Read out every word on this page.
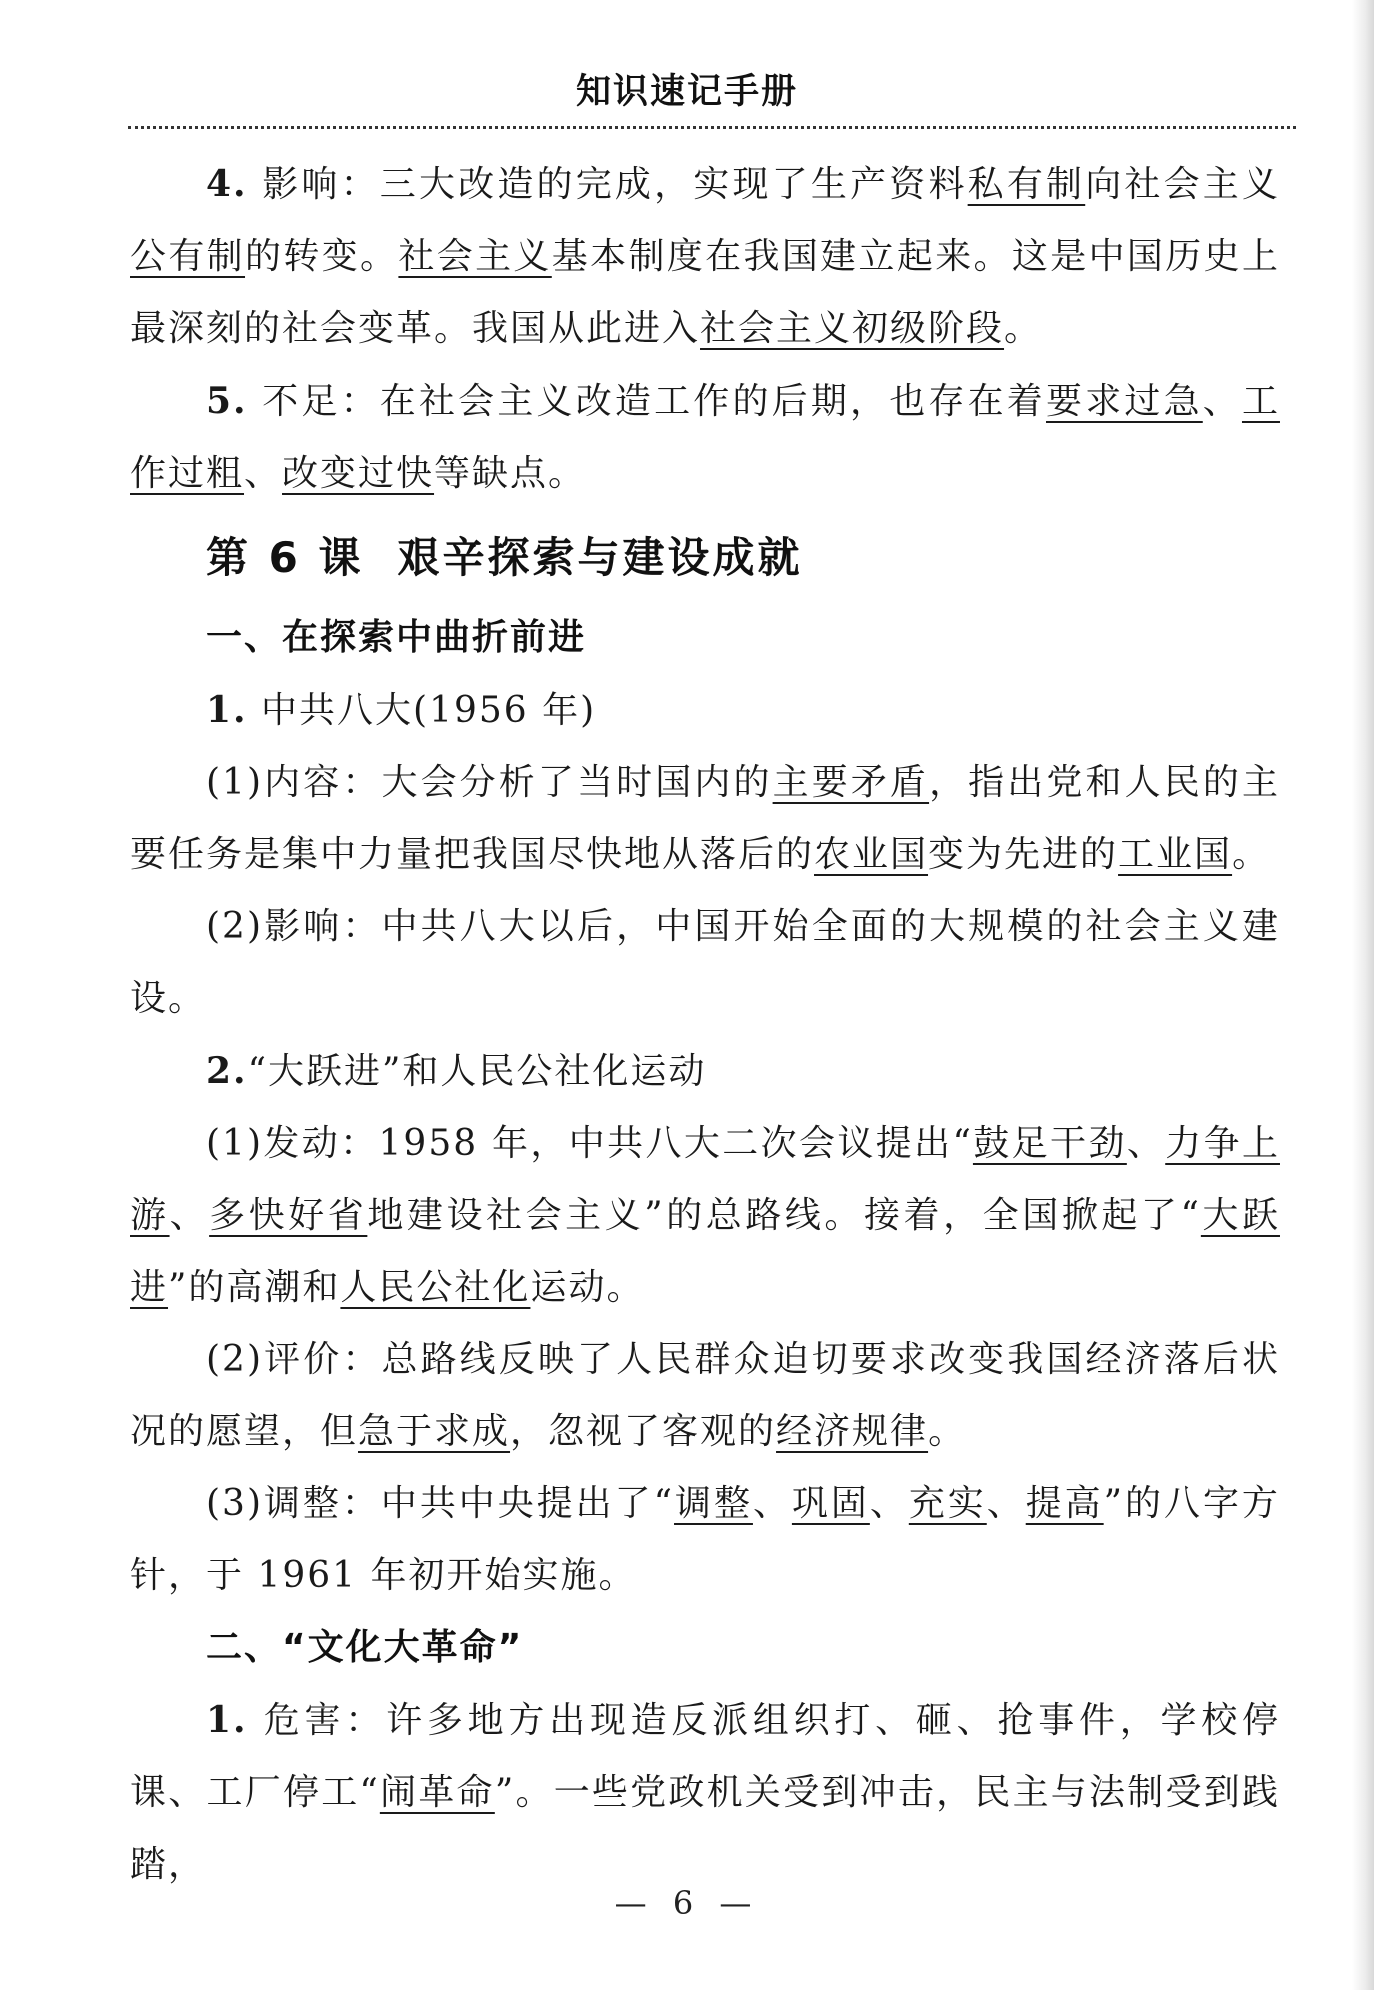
知识速记手册

4. 影响：三大改造的完成，实现了生产资料私有制向社会主义公有制的转变。社会主义基本制度在我国建立起来。这是中国历史上最深刻的社会变革。我国从此进入社会主义初级阶段。

5. 不足：在社会主义改造工作的后期，也存在着要求过急、工作过粗、改变过快等缺点。

第 6 课 艰辛探索与建设成就

一、在探索中曲折前进

1. 中共八大(1956 年)

(1)内容：大会分析了当时国内的主要矛盾，指出党和人民的主要任务是集中力量把我国尽快地从落后的农业国变为先进的工业国。

(2)影响：中共八大以后，中国开始全面的大规模的社会主义建设。

2.“大跃进”和人民公社化运动

(1)发动：1958 年，中共八大二次会议提出“鼓足干劲、力争上游、多快好省地建设社会主义”的总路线。接着，全国掀起了“大跃进”的高潮和人民公社化运动。

(2)评价：总路线反映了人民群众迫切要求改变我国经济落后状况的愿望，但急于求成，忽视了客观的经济规律。

(3)调整：中共中央提出了“调整、巩固、充实、提高”的八字方针，于 1961 年初开始实施。

二、“文化大革命”

1. 危害：许多地方出现造反派组织打、砸、抢事件，学校停课、工厂停工“闹革命”。一些党政机关受到冲击，民主与法制受到践踏，

— 6 —
